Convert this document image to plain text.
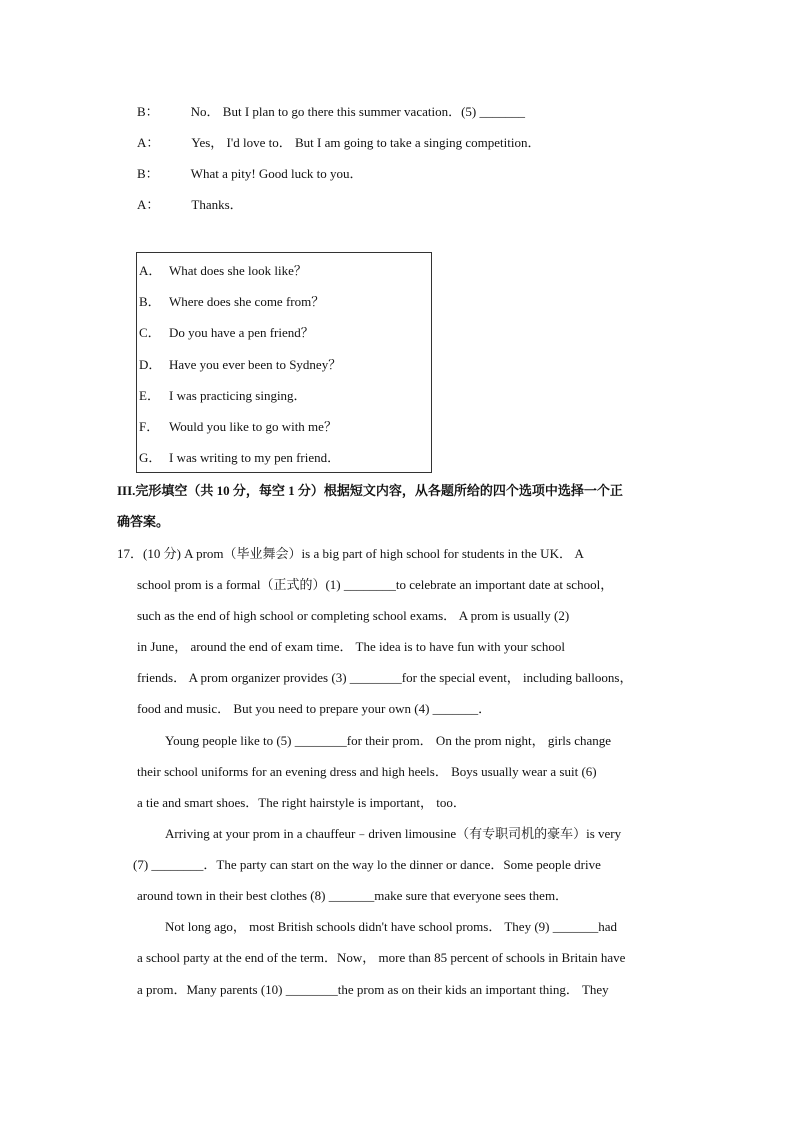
B： No． But I plan to go there this summer vacation．(5) _______
A： Yes， I'd love to． But I am going to take a singing competition．
B： What a pity! Good luck to you．
A： Thanks．
A． What does she look like？
B． Where does she come from？
C． Do you have a pen friend？
D． Have you ever been to Sydney？
E． I was practicing singing．
F． Would you like to go with me？
G． I was writing to my pen friend．
III.完形填空（共 10 分，每空 1 分）根据短文内容，从各题所给的四个选项中选择一个正
确答案。
17．(10 分) A prom（毕业舞会）is a big part of high school for students in the UK． A
school prom is a formal（正式的）(1) ________to celebrate an important date at school，
such as the end of high school or completing school exams． A prom is usually (2)
in June， around the end of exam time． The idea is to have fun with your school
friends． A prom organizer provides (3) ________for the special event， including balloons，
food and music． But you need to prepare your own (4) _______．
Young people like to (5) ________for their prom． On the prom night， girls change
their school uniforms for an evening dress and high heels． Boys usually wear a suit (6)
a tie and smart shoes．The right hairstyle is important， too．
Arriving at your prom in a chauffeur﹣driven limousine（有专职司机的豪车）is very
(7) ________．The party can start on the way lo the dinner or dance．Some people drive
around town in their best clothes (8) _______make sure that everyone sees them．
Not long ago， most British schools didn't have school proms． They (9) _______had
a school party at the end of the term．Now， more than 85 percent of schools in Britain have
a prom．Many parents (10) ________the prom as on their kids an important thing． They
